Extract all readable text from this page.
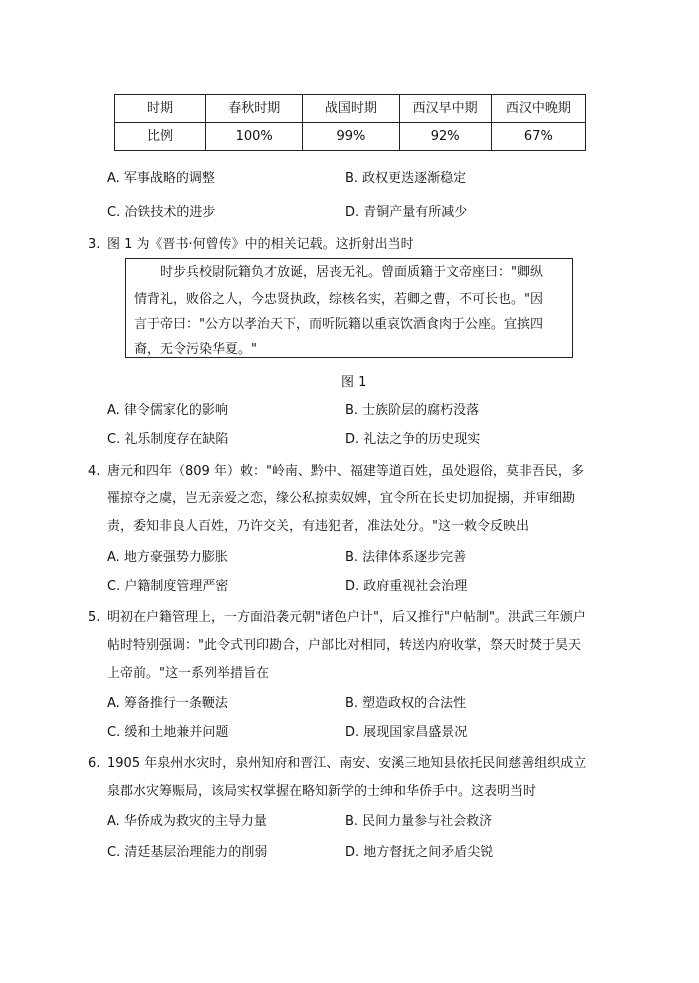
时期	春秋时期	战国时期	西汉早中期	西汉中晚期
比例	100%	99%	92%	67%
A. 军事战略的调整	B. 政权更迭逐渐稳定
C. 冶铁技术的进步	D. 青铜产量有所减少
3. 图 1 为《晋书·何曾传》中的相关记载。这折射出当时
时步兵校尉阮籍负才放诞，居丧无礼。曾面质籍于文帝座曰："卿纵
情背礼，败俗之人，今忠贤执政，综核名实，若卿之曹，不可长也。"因
言于帝曰："公方以孝治天下，而听阮籍以重哀饮酒食肉于公座。宜摈四
裔，无令污染华夏。"
图 1
A. 律令儒家化的影响	B. 士族阶层的腐朽没落
C. 礼乐制度存在缺陷	D. 礼法之争的历史现实
4. 唐元和四年（809 年）敕："岭南、黔中、福建等道百姓，虽处遐俗，莫非吾民，多
罹掠夺之虞，岂无亲爱之恋，缘公私掠卖奴婢，宜令所在长史切加捉搦，并审细勘
责，委知非良人百姓，乃许交关，有违犯者，准法处分。"这一敕令反映出
A. 地方豪强势力膨胀	B. 法律体系逐步完善
C. 户籍制度管理严密	D. 政府重视社会治理
5. 明初在户籍管理上，一方面沿袭元朝"诸色户计"，后又推行"户帖制"。洪武三年颁户
帖时特别强调："此令式刊印勘合，户部比对相同，转送内府收掌，祭天时焚于昊天
上帝前。"这一系列举措旨在
A. 筹备推行一条鞭法	B. 塑造政权的合法性
C. 缓和土地兼并问题	D. 展现国家昌盛景况
6. 1905 年泉州水灾时，泉州知府和晋江、南安、安溪三地知县依托民间慈善组织成立
泉郡水灾筹赈局，该局实权掌握在略知新学的士绅和华侨手中。这表明当时
A. 华侨成为救灾的主导力量	B. 民间力量参与社会救济
C. 清廷基层治理能力的削弱	D. 地方督抚之间矛盾尖锐
